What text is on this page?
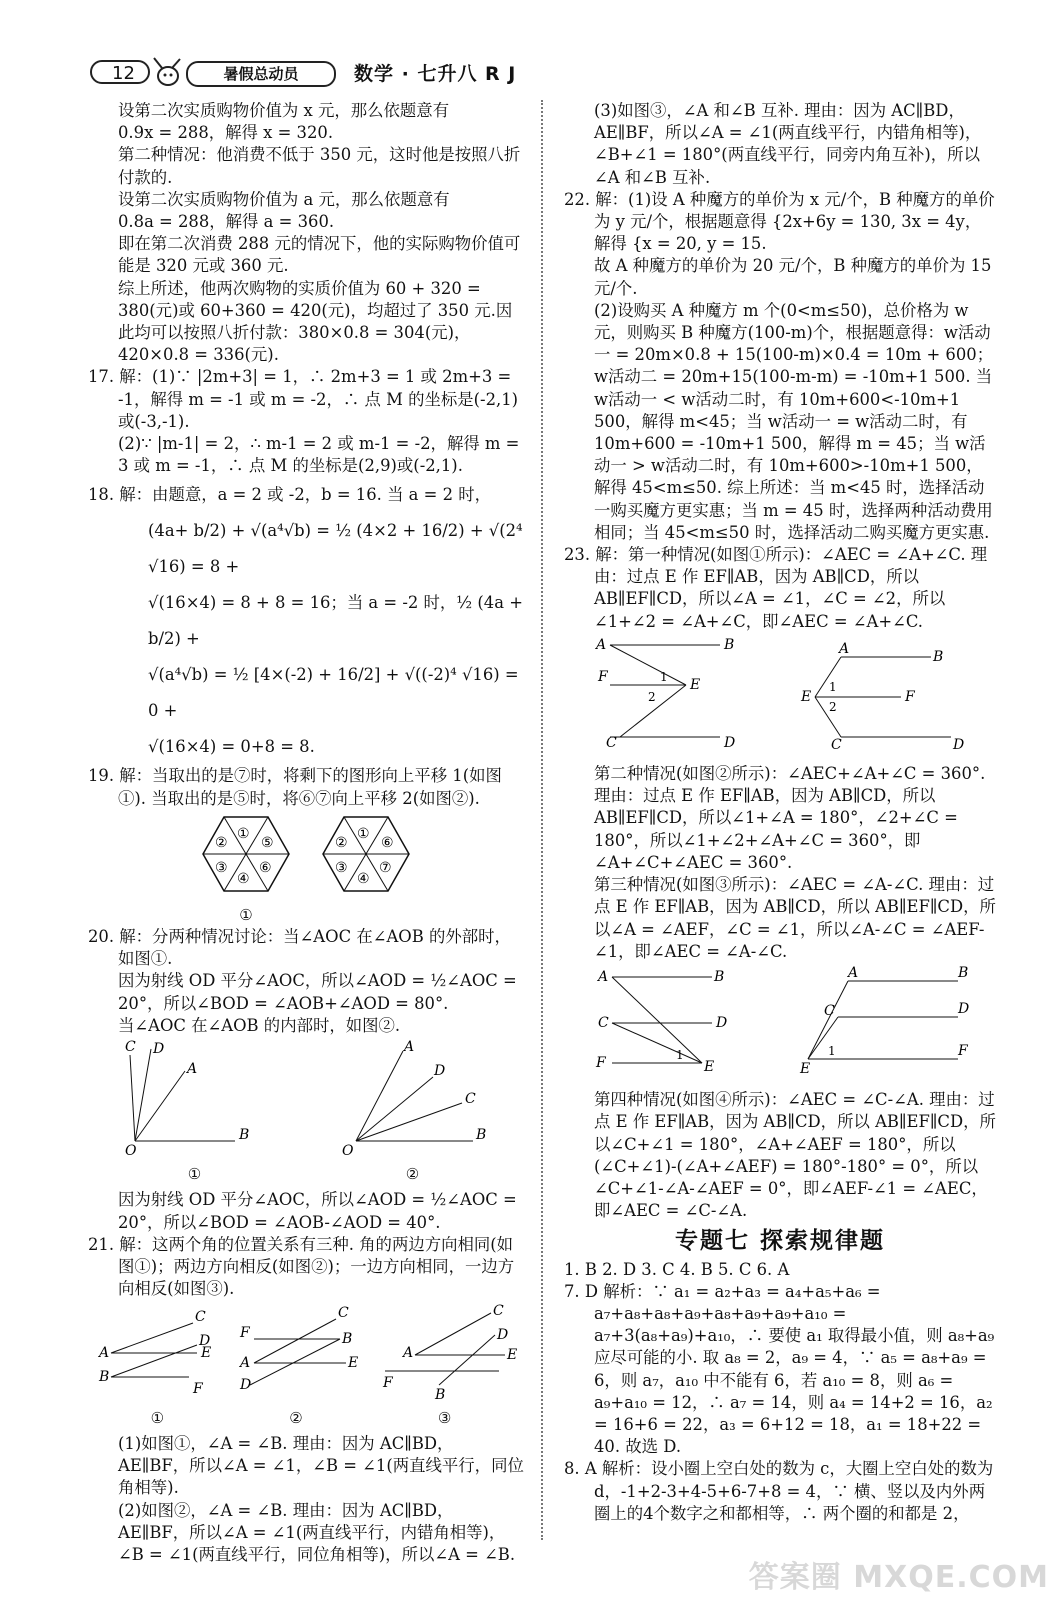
12	暑假总动员	数学 · 七升八 R J

设第二次实质购物价值为 x 元，那么依题意有

0.9x = 288，解得 x = 320.

第二种情况：他消费不低于 350 元，这时他是按照八折付款的.

设第二次实质购物价值为 a 元，那么依题意有

0.8a = 288，解得 a = 360.

即在第二次消费 288 元的情况下，他的实际购物价值可能是 320 元或 360 元.

综上所述，他两次购物的实质价值为 60 + 320 = 380(元)或 60+360 = 420(元)，均超过了 350 元.因此均可以按照八折付款：380×0.8 = 304(元)，420×0.8 = 336(元).

17. 解：(1)∵ |2m+3| = 1，∴ 2m+3 = 1 或 2m+3 = -1，解得 m = -1 或 m = -2，∴ 点 M 的坐标是(-2,1)或(-3,-1).

(2)∵ |m-1| = 2，∴ m-1 = 2 或 m-1 = -2，解得 m = 3 或 m = -1，∴ 点 M 的坐标是(2,9)或(-2,1).

18. 解：由题意，a = 2 或 -2，b = 16. 当 a = 2 时，

(4a+ b/2) + √(a⁴√b) = ½ (4×2 + 16/2) + √(2⁴ √16) = 8 +

√(16×4) = 8 + 8 = 16；当 a = -2 时，½ (4a + b/2) +

√(a⁴√b) = ½ [4×(-2) + 16/2] + √((-2)⁴ √16) = 0 +

√(16×4) = 0+8 = 8.

19. 解：当取出的是⑦时，将剩下的图形向上平移 1(如图①). 当取出的是⑤时，将⑥⑦向上平移 2(如图②).

①
⑤
②
③
④
⑥
①
⑥
②
③
④
⑦
①

20. 解：分两种情况讨论：当∠AOC 在∠AOB 的外部时，如图①.

因为射线 OD 平分∠AOC，所以∠AOD = ½∠AOC = 20°，所以∠BOD = ∠AOB+∠AOD = 80°.

当∠AOC 在∠AOB 的内部时，如图②.

O
B
A
D
C
①
O
B
A
D
C
②

因为射线 OD 平分∠AOC，所以∠AOD = ½∠AOC = 20°，所以∠BOD = ∠AOB-∠AOD = 40°.

21. 解：这两个角的位置关系有三种. 角的两边方向相同(如图①)；两边方向相反(如图②)；一边方向相同，一边方向相反(如图③).

A
B
C
D
E
F
①
F
A
D
C
B
E
②
A
C
D
E
F
B
③

(1)如图①，∠A = ∠B. 理由：因为 AC∥BD，AE∥BF，所以∠A = ∠1，∠B = ∠1(两直线平行，同位角相等).

(2)如图②，∠A = ∠B. 理由：因为 AC∥BD，AE∥BF，所以∠A = ∠1(两直线平行，内错角相等)，∠B = ∠1(两直线平行，同位角相等)，所以∠A = ∠B.

(3)如图③，∠A 和∠B 互补. 理由：因为 AC∥BD，AE∥BF，所以∠A = ∠1(两直线平行，内错角相等)，∠B+∠1 = 180°(两直线平行，同旁内角互补)，所以∠A 和∠B 互补.

22. 解：(1)设 A 种魔方的单价为 x 元/个，B 种魔方的单价为 y 元/个，根据题意得 {2x+6y = 130, 3x = 4y，解得 {x = 20, y = 15.

故 A 种魔方的单价为 20 元/个，B 种魔方的单价为 15 元/个.

(2)设购买 A 种魔方 m 个(0<m≤50)，总价格为 w 元，则购买 B 种魔方(100-m)个，根据题意得：w活动一 = 20m×0.8 + 15(100-m)×0.4 = 10m + 600；w活动二 = 20m+15(100-m-m) = -10m+1 500. 当 w活动一 < w活动二时，有 10m+600<-10m+1 500，解得 m<45；当 w活动一 = w活动二时，有 10m+600 = -10m+1 500，解得 m = 45；当 w活动一 > w活动二时，有 10m+600>-10m+1 500，解得 45<m≤50. 综上所述：当 m<45 时，选择活动一购买魔方更实惠；当 m = 45 时，选择两种活动费用相同；当 45<m≤50 时，选择活动二购买魔方更实惠.

23. 解：第一种情况(如图①所示)：∠AEC = ∠A+∠C. 理由：过点 E 作 EF∥AB，因为 AB∥CD，所以 AB∥EF∥CD，所以∠A = ∠1，∠C = ∠2，所以∠1+∠2 = ∠A+∠C，即∠AEC = ∠A+∠C.

A	B
F	E
C	D
1
2
A	B
E	F
C	D
1
2

第二种情况(如图②所示)：∠AEC+∠A+∠C = 360°. 理由：过点 E 作 EF∥AB，因为 AB∥CD，所以 AB∥EF∥CD，所以∠1+∠A = 180°，∠2+∠C = 180°，所以∠1+∠2+∠A+∠C = 360°，即∠A+∠C+∠AEC = 360°.

第三种情况(如图③所示)：∠AEC = ∠A-∠C. 理由：过点 E 作 EF∥AB，因为 AB∥CD，所以 AB∥EF∥CD，所以∠A = ∠AEF，∠C = ∠1，所以∠A-∠C = ∠AEF-∠1，即∠AEC = ∠A-∠C.

A	B
C	D
F	E
1
A	B
C	D
E
F
1

第四种情况(如图④所示)：∠AEC = ∠C-∠A. 理由：过点 E 作 EF∥AB，因为 AB∥CD，所以 AB∥EF∥CD，所以∠C+∠1 = 180°，∠A+∠AEF = 180°，所以(∠C+∠1)-(∠A+∠AEF) = 180°-180° = 0°，所以∠C+∠1-∠A-∠AEF = 0°，即∠AEF-∠1 = ∠AEC，即∠AEC = ∠C-∠A.

专题七 探索规律题

1. B 2. D 3. C 4. B 5. C 6. A

7. D 解析：∵ a₁ = a₂+a₃ = a₄+a₅+a₆ = a₇+a₈+a₈+a₉+a₈+a₉+a₉+a₁₀ = a₇+3(a₈+a₉)+a₁₀，∴ 要使 a₁ 取得最小值，则 a₈+a₉ 应尽可能的小. 取 a₈ = 2，a₉ = 4，∵ a₅ = a₈+a₉ = 6，则 a₇，a₁₀ 中不能有 6，若 a₁₀ = 8，则 a₆ = a₉+a₁₀ = 12，∴ a₇ = 14，则 a₄ = 14+2 = 16，a₂ = 16+6 = 22，a₃ = 6+12 = 18，a₁ = 18+22 = 40. 故选 D.

8. A 解析：设小圈上空白处的数为 c，大圈上空白处的数为 d，-1+2-3+4-5+6-7+8 = 4，∵ 横、竖以及内外两圈上的4个数字之和都相等，∴ 两个圈的和都是 2，

答案圈 MXQE.COM
